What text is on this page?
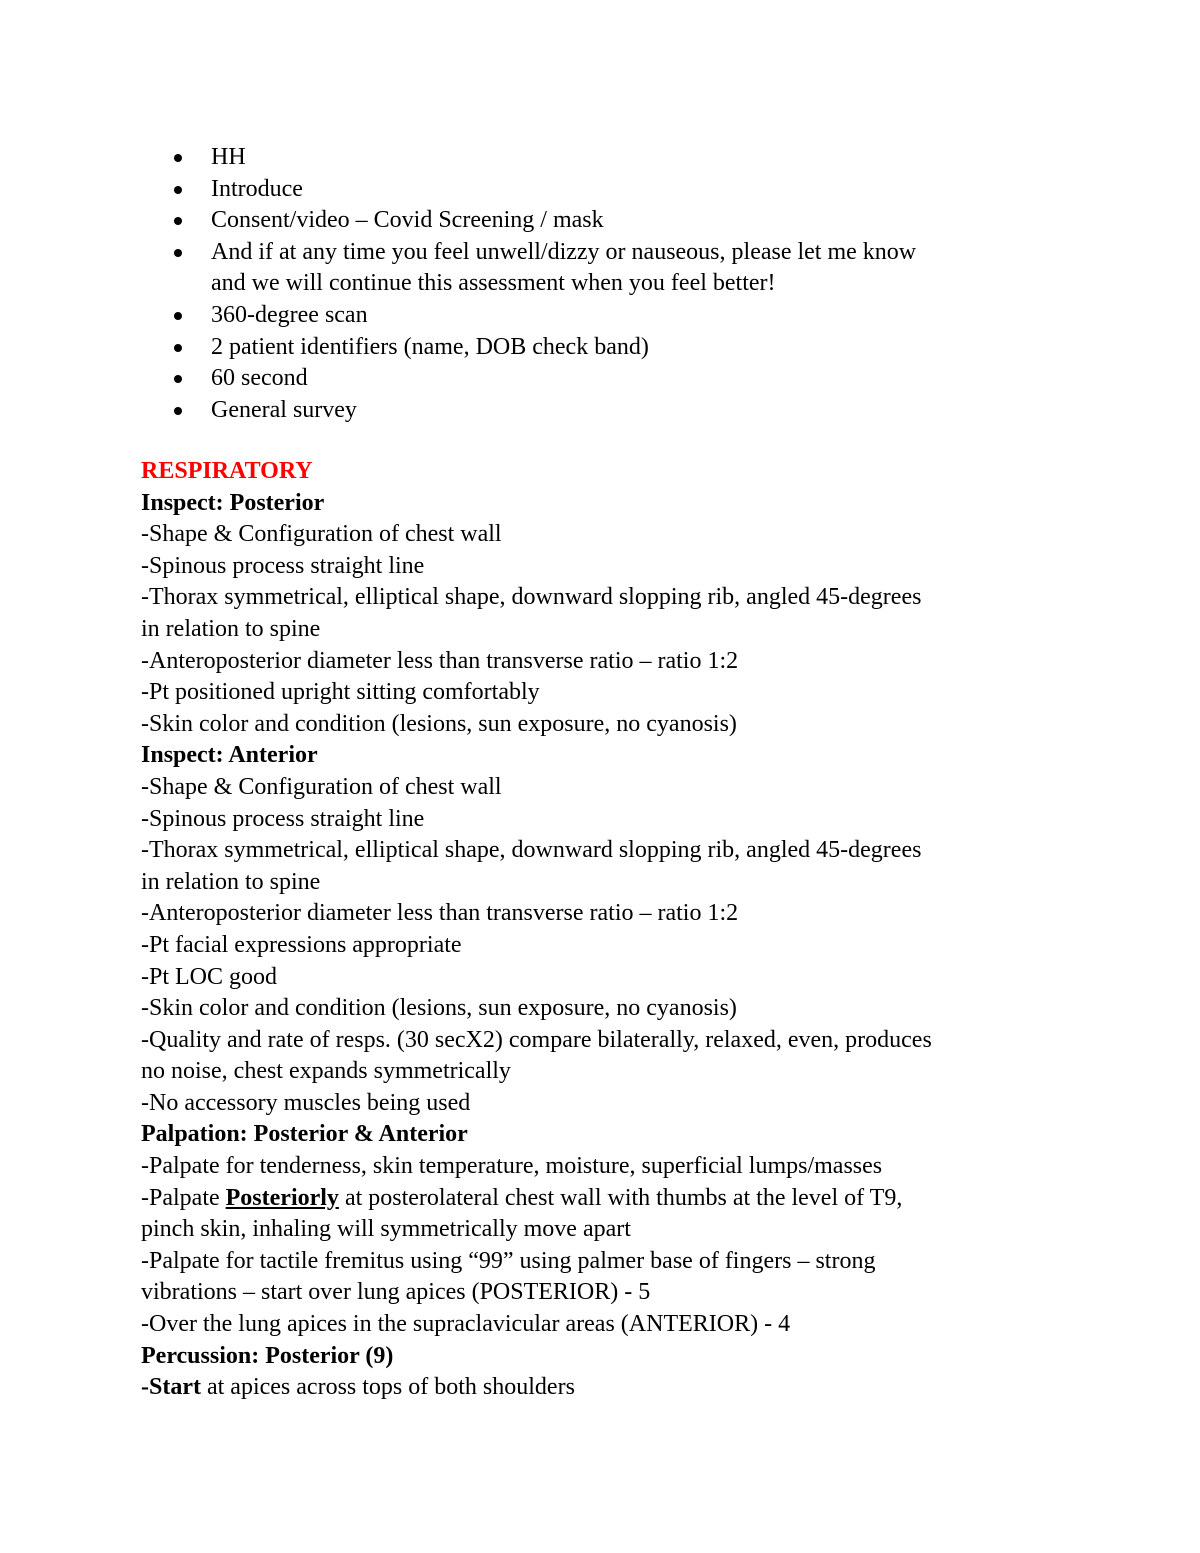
HH
Introduce
Consent/video – Covid Screening / mask
And if at any time you feel unwell/dizzy or nauseous, please let me know
and we will continue this assessment when you feel better!
360-degree scan
2 patient identifiers (name, DOB check band)
60 second
General survey
RESPIRATORY
Inspect: Posterior
-Shape & Configuration of chest wall
-Spinous process straight line
-Thorax symmetrical, elliptical shape, downward slopping rib, angled 45-degrees
in relation to spine
-Anteroposterior diameter less than transverse ratio – ratio 1:2
-Pt positioned upright sitting comfortably
-Skin color and condition (lesions, sun exposure, no cyanosis)
Inspect: Anterior
-Shape & Configuration of chest wall
-Spinous process straight line
-Thorax symmetrical, elliptical shape, downward slopping rib, angled 45-degrees
in relation to spine
-Anteroposterior diameter less than transverse ratio – ratio 1:2
-Pt facial expressions appropriate
-Pt LOC good
-Skin color and condition (lesions, sun exposure, no cyanosis)
-Quality and rate of resps. (30 secX2) compare bilaterally, relaxed, even, produces
no noise, chest expands symmetrically
-No accessory muscles being used
Palpation: Posterior & Anterior
-Palpate for tenderness, skin temperature, moisture, superficial lumps/masses
-Palpate Posteriorly at posterolateral chest wall with thumbs at the level of T9,
pinch skin, inhaling will symmetrically move apart
-Palpate for tactile fremitus using “99” using palmer base of fingers – strong
vibrations – start over lung apices (POSTERIOR) - 5
-Over the lung apices in the supraclavicular areas (ANTERIOR) - 4
Percussion: Posterior (9)
-Start at apices across tops of both shoulders
